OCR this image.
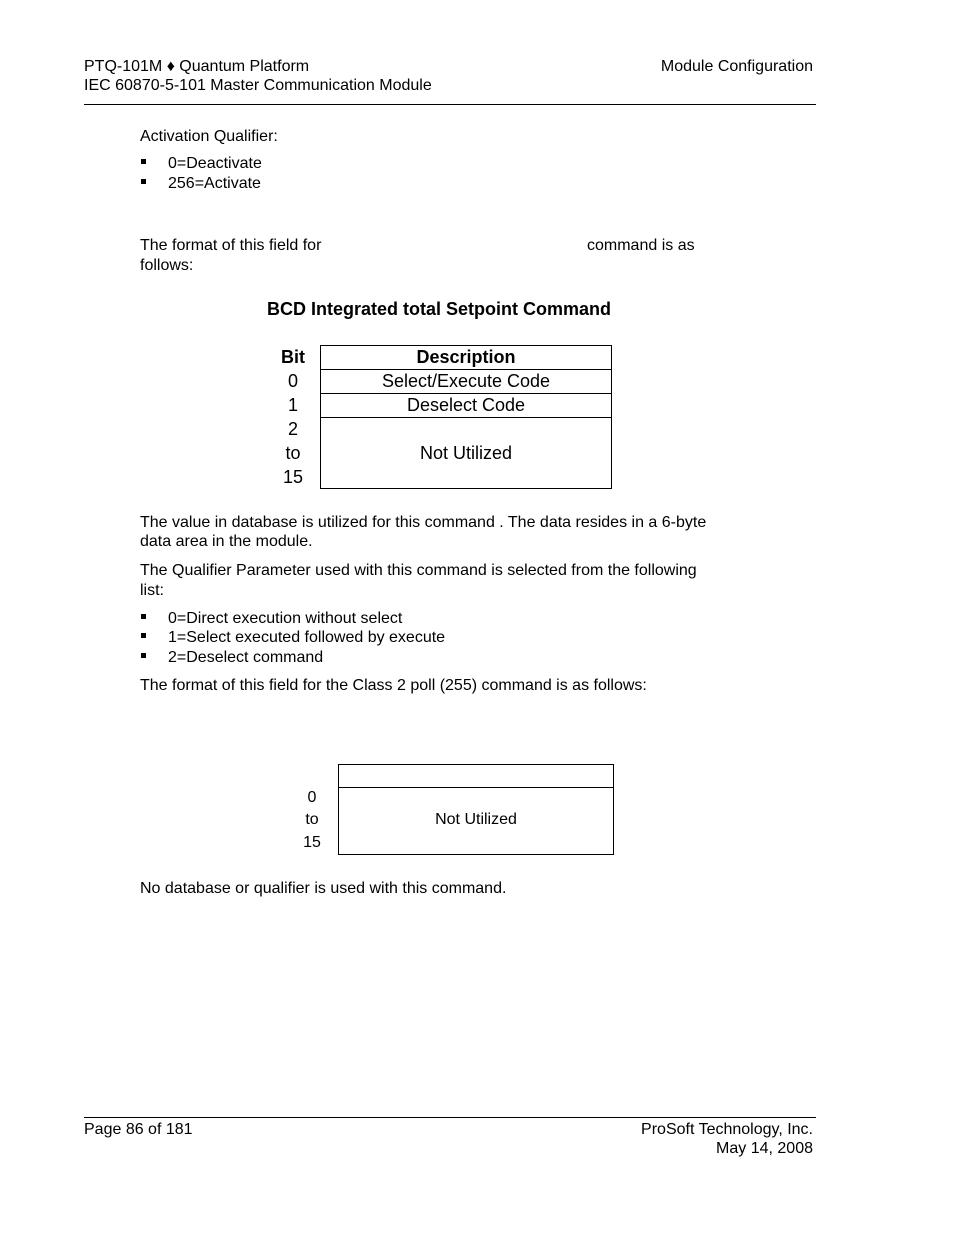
PTQ-101M ♦ Quantum Platform
IEC 60870-5-101 Master Communication Module
Module Configuration
Activation Qualifier:
0=Deactivate
256=Activate
The format of this field for	command is as
follows:
BCD Integrated total Setpoint Command
Bit
0
1
2
to
15
Description
Select/Execute Code
Deselect Code
Not Utilized
The value in database is utilized for this command . The data resides in a 6-byte
data area in the module.
The Qualifier Parameter used with this command is selected from the following
list:
0=Direct execution without select
1=Select executed followed by execute
2=Deselect command
The format of this field for the Class 2 poll (255) command is as follows:
0
to
15
Not Utilized
No database or qualifier is used with this command.
Page 86 of 181	ProSoft Technology, Inc.
May 14, 2008
